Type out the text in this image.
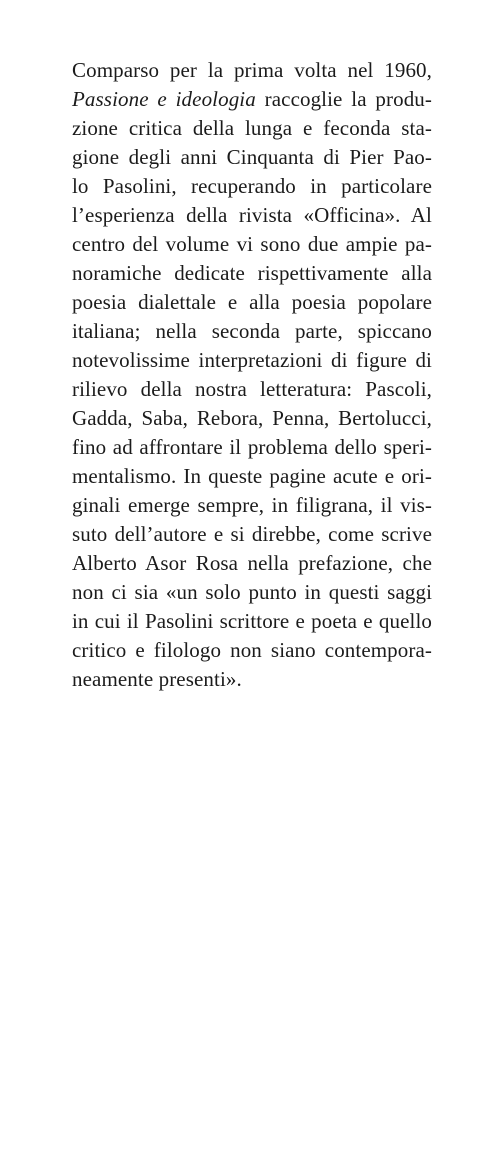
Comparso per la prima volta nel 1960,
Passione e ideologia raccoglie la produ-
zione critica della lunga e feconda sta-
gione degli anni Cinquanta di Pier Pao-
lo Pasolini, recuperando in particolare
l’esperienza della rivista «Officina». Al
centro del volume vi sono due ampie pa-
noramiche dedicate rispettivamente alla
poesia dialettale e alla poesia popolare
italiana; nella seconda parte, spiccano
notevolissime interpretazioni di figure di
rilievo della nostra letteratura: Pascoli,
Gadda, Saba, Rebora, Penna, Bertolucci,
fino ad affrontare il problema dello speri-
mentalismo. In queste pagine acute e ori-
ginali emerge sempre, in filigrana, il vis-
suto dell’autore e si direbbe, come scrive
Alberto Asor Rosa nella prefazione, che
non ci sia «un solo punto in questi saggi
in cui il Pasolini scrittore e poeta e quello
critico e filologo non siano contempora-
neamente presenti».
